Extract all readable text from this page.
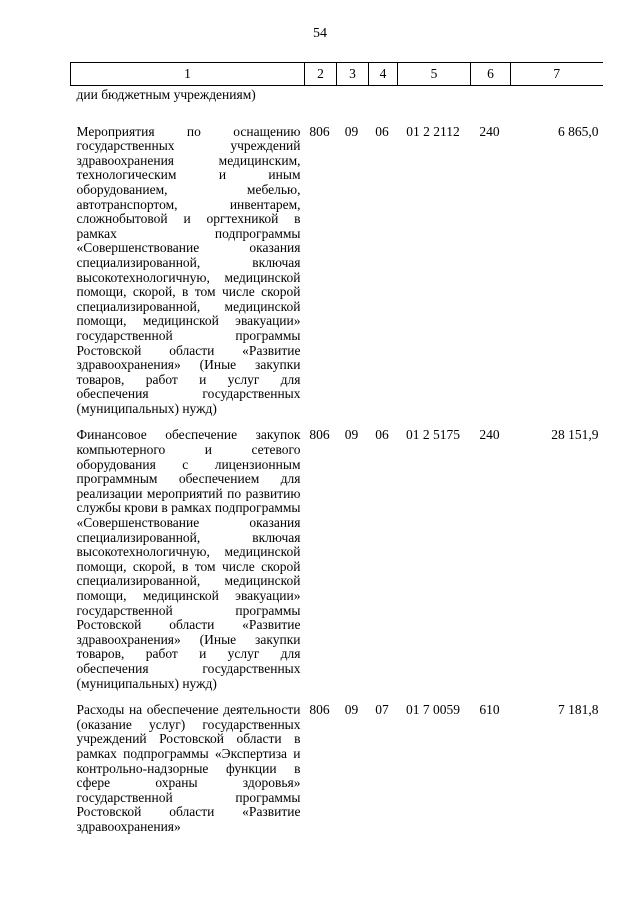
54
1	2	3	4	5	6	7
дии бюджетным учреждениям)						
Мероприятия по оснащению государственных учреждений здравоохранения медицинским, технологическим и иным оборудованием, мебелью, автотранспортом, инвентарем, сложнобытовой и оргтехникой в рамках подпрограммы «Совершенствование оказания специализированной, включая высокотехнологичную, медицинской помощи, скорой, в том числе скорой специализированной, медицинской помощи, медицинской эвакуации» государственной программы Ростовской области «Развитие здравоохранения» (Иные закупки товаров, работ и услуг для обеспечения государственных (муниципальных) нужд)	806	09	06	01 2 2112	240	6 865,0
Финансовое обеспечение закупок компьютерного и сетевого оборудования с лицензионным программным обеспечением для реализации мероприятий по развитию службы крови в рамках подпрограммы «Совершенствование оказания специализированной, включая высокотехнологичную, медицинской помощи, скорой, в том числе скорой специализированной, медицинской помощи, медицинской эвакуации» государственной программы Ростовской области «Развитие здравоохранения» (Иные закупки товаров, работ и услуг для обеспечения государственных (муниципальных) нужд)	806	09	06	01 2 5175	240	28 151,9
Расходы на обеспечение деятельности (оказание услуг) государственных учреждений Ростовской области в рамках подпрограммы «Экспертиза и контрольно-надзорные функции в сфере охраны здоровья» государственной программы Ростовской области «Развитие здравоохранения»	806	09	07	01 7 0059	610	7 181,8
